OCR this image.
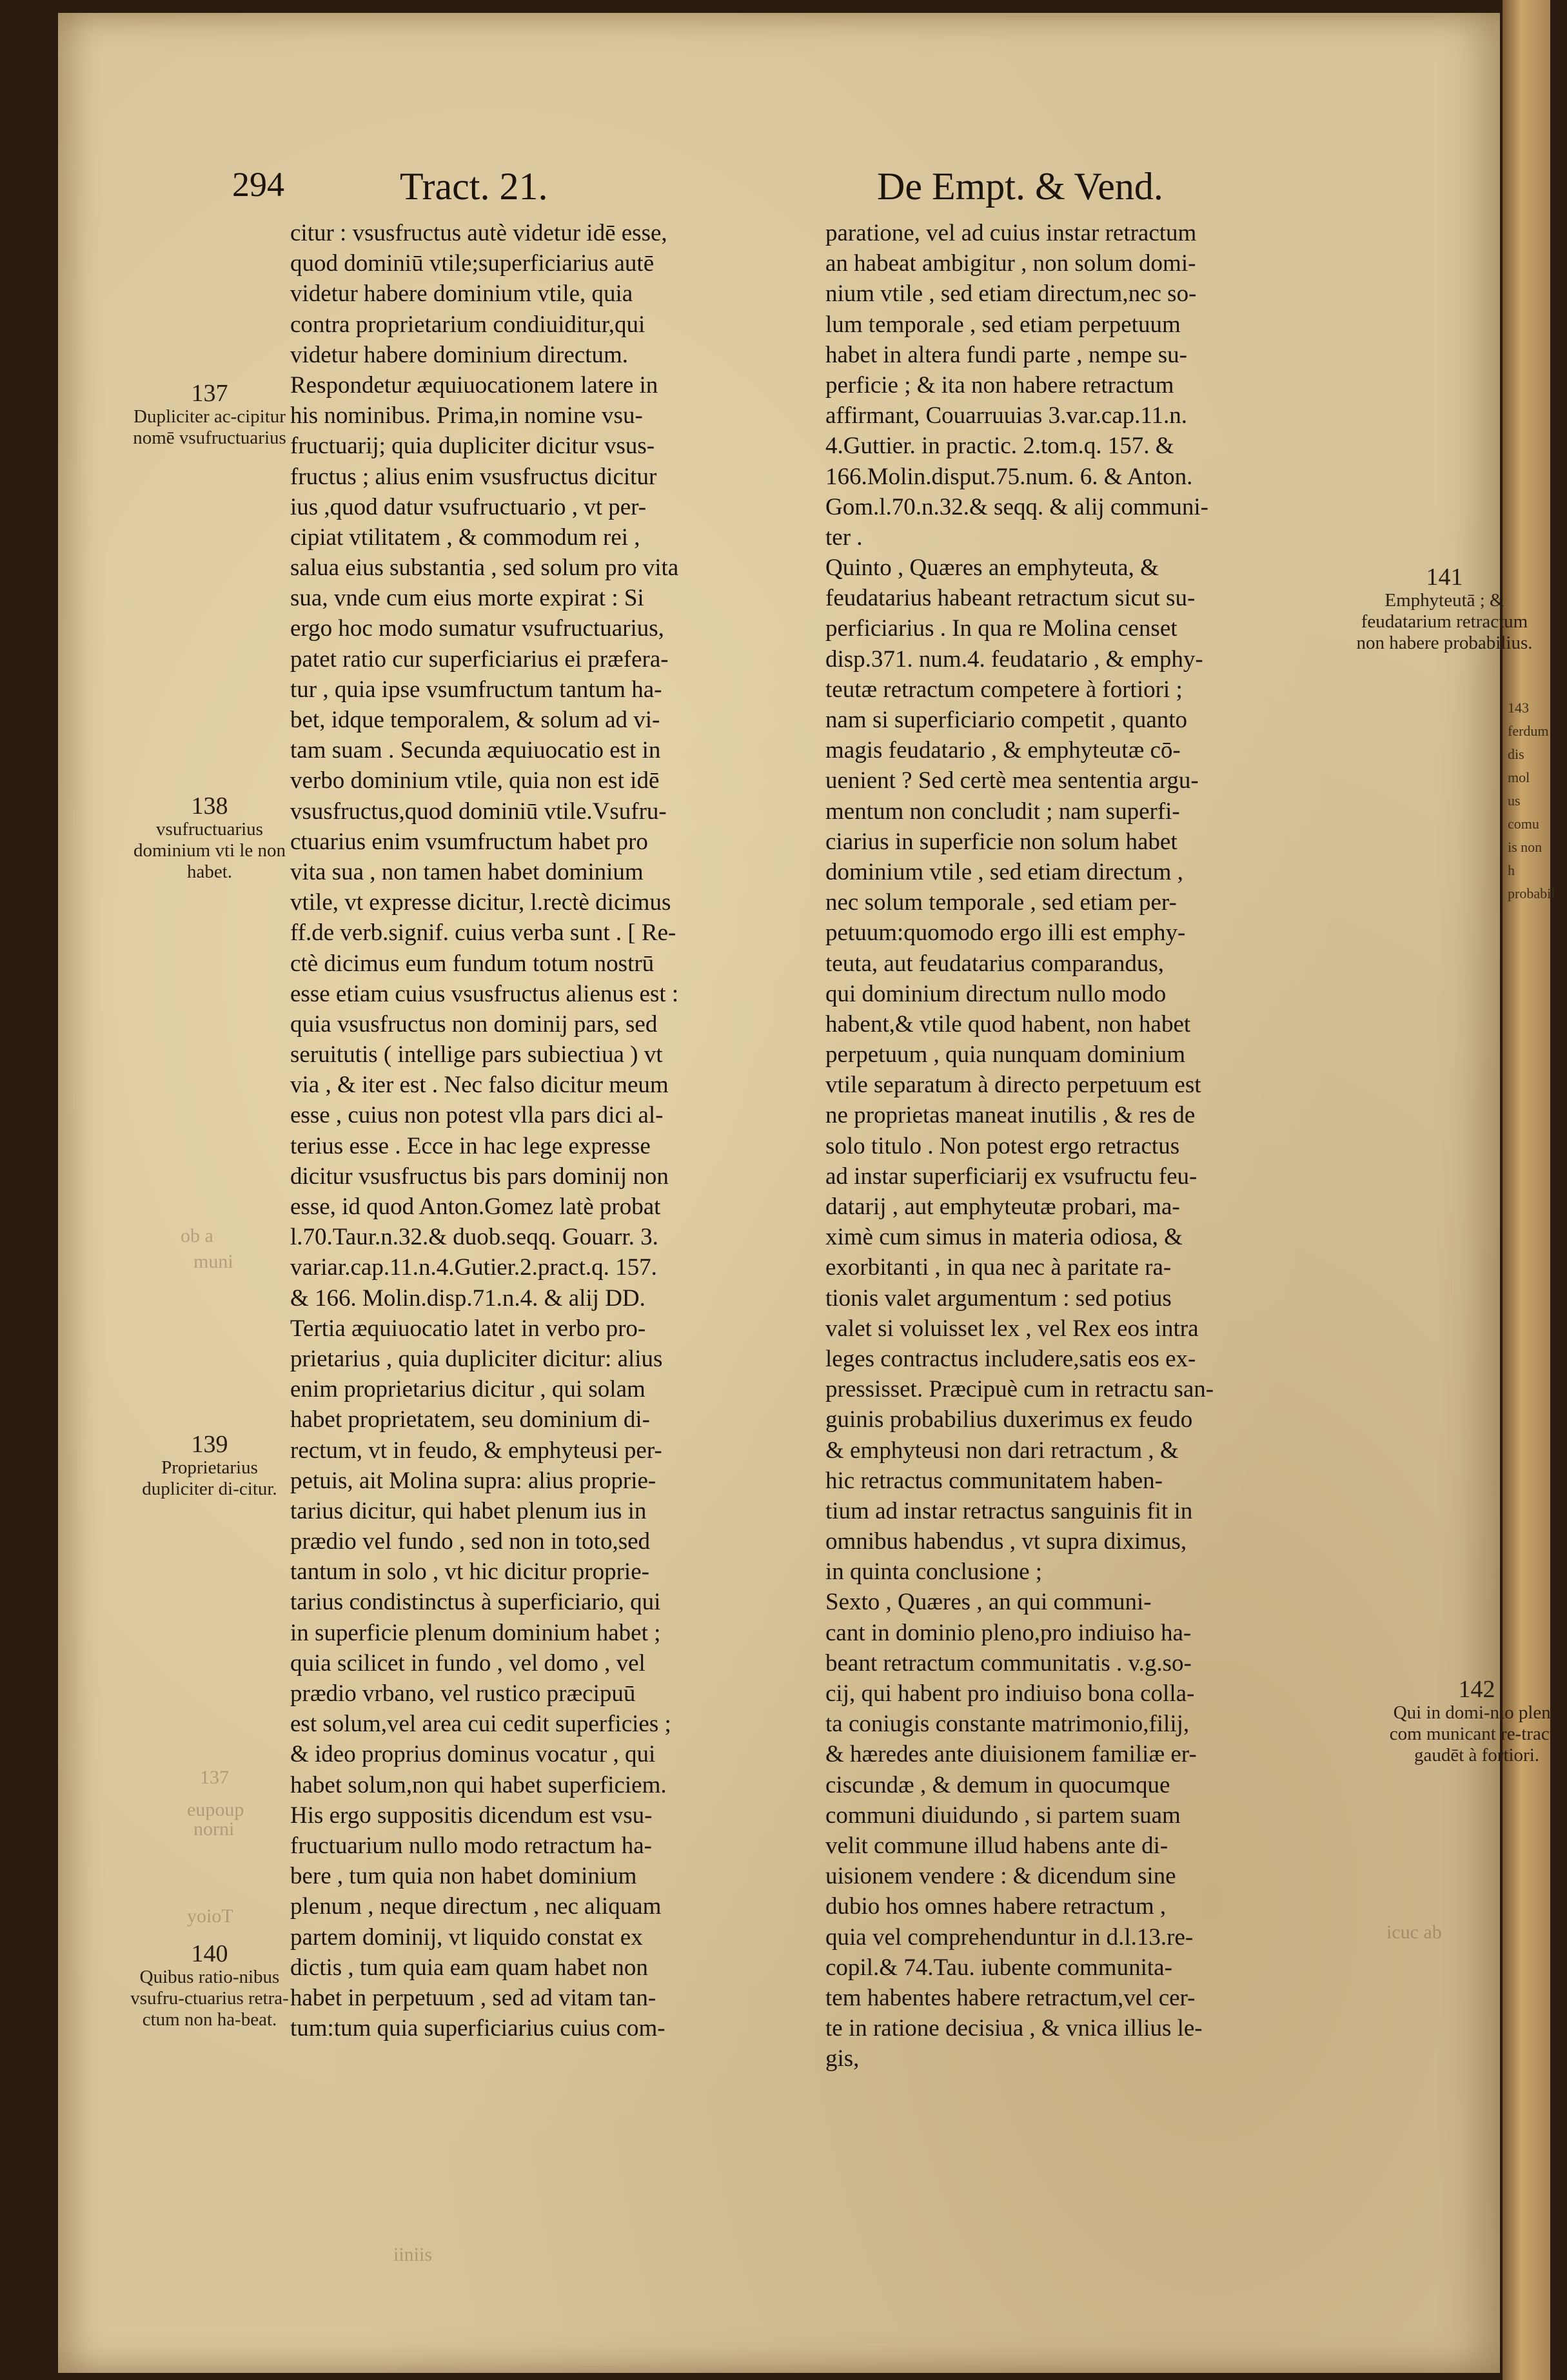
143
ferdum
dis mol
us comu
is non h
probabil
294	Tract. 21.	De Empt. & Vend.
citur : vsusfructus autè videtur idē esse,
quod dominiū vtile;superficiarius autē
videtur habere dominium vtile, quia
contra proprietarium condiuiditur,qui
videtur habere dominium directum.
Respondetur æquiuocationem latere in
his nominibus. Prima,in nomine vsu-
fructuarij; quia dupliciter dicitur vsus-
fructus ; alius enim vsusfructus dicitur
ius ,quod datur vsufructuario , vt per-
cipiat vtilitatem , & commodum rei ,
salua eius substantia , sed solum pro vita
sua, vnde cum eius morte expirat : Si
ergo hoc modo sumatur vsufructuarius,
patet ratio cur superficiarius ei præfera-
tur , quia ipse vsumfructum tantum ha-
bet, idque temporalem, & solum ad vi-
tam suam . Secunda æquiuocatio est in
verbo dominium vtile, quia non est idē
vsusfructus,quod dominiū vtile.Vsufru-
ctuarius enim vsumfructum habet pro
vita sua , non tamen habet dominium
vtile, vt expresse dicitur, l.rectè dicimus
ff.de verb.signif. cuius verba sunt . [ Re-
ctè dicimus eum fundum totum nostrū
esse etiam cuius vsusfructus alienus est :
quia vsusfructus non dominij pars, sed
seruitutis ( intellige pars subiectiua ) vt
via , & iter est . Nec falso dicitur meum
esse , cuius non potest vlla pars dici al-
terius esse . Ecce in hac lege expresse
dicitur vsusfructus bis pars dominij non
esse, id quod Anton.Gomez latè probat
l.70.Taur.n.32.& duob.seqq. Gouarr. 3.
variar.cap.11.n.4.Gutier.2.pract.q. 157.
& 166. Molin.disp.71.n.4. & alij DD.
Tertia æquiuocatio latet in verbo pro-
prietarius , quia dupliciter dicitur: alius
enim proprietarius dicitur , qui solam
habet proprietatem, seu dominium di-
rectum, vt in feudo, & emphyteusi per-
petuis, ait Molina supra: alius proprie-
tarius dicitur, qui habet plenum ius in
prædio vel fundo , sed non in toto,sed
tantum in solo , vt hic dicitur proprie-
tarius condistinctus à superficiario, qui
in superficie plenum dominium habet ;
quia scilicet in fundo , vel domo , vel
prædio vrbano, vel rustico præcipuū
est solum,vel area cui cedit superficies ;
& ideo proprius dominus vocatur , qui
habet solum,non qui habet superficiem.
His ergo suppositis dicendum est vsu-
fructuarium nullo modo retractum ha-
bere , tum quia non habet dominium
plenum , neque directum , nec aliquam
partem dominij, vt liquido constat ex
dictis , tum quia eam quam habet non
habet in perpetuum , sed ad vitam tan-
tum:tum quia superficiarius cuius com-
paratione, vel ad cuius instar retractum
an habeat ambigitur , non solum domi-
nium vtile , sed etiam directum,nec so-
lum temporale , sed etiam perpetuum
habet in altera fundi parte , nempe su-
perficie ; & ita non habere retractum
affirmant, Couarruuias 3.var.cap.11.n.
4.Guttier. in practic. 2.tom.q. 157. &
166.Molin.disput.75.num. 6. & Anton.
Gom.l.70.n.32.& seqq. & alij communi-
ter .
Quinto , Quæres an emphyteuta, &
feudatarius habeant retractum sicut su-
perficiarius . In qua re Molina censet
disp.371. num.4. feudatario , & emphy-
teutæ retractum competere à fortiori ;
nam si superficiario competit , quanto
magis feudatario , & emphyteutæ cō-
uenient ? Sed certè mea sententia argu-
mentum non concludit ; nam superfi-
ciarius in superficie non solum habet
dominium vtile , sed etiam directum ,
nec solum temporale , sed etiam per-
petuum:quomodo ergo illi est emphy-
teuta, aut feudatarius comparandus,
qui dominium directum nullo modo
habent,& vtile quod habent, non habet
perpetuum , quia nunquam dominium
vtile separatum à directo perpetuum est
ne proprietas maneat inutilis , & res de
solo titulo . Non potest ergo retractus
ad instar superficiarij ex vsufructu feu-
datarij , aut emphyteutæ probari, ma-
ximè cum simus in materia odiosa, &
exorbitanti , in qua nec à paritate ra-
tionis valet argumentum : sed potius
valet si voluisset lex , vel Rex eos intra
leges contractus includere,satis eos ex-
pressisset. Præcipuè cum in retractu san-
guinis probabilius duxerimus ex feudo
& emphyteusi non dari retractum , &
hic retractus communitatem haben-
tium ad instar retractus sanguinis fit in
omnibus habendus , vt supra diximus,
in quinta conclusione ;
Sexto , Quæres , an qui communi-
cant in dominio pleno,pro indiuiso ha-
beant retractum communitatis . v.g.so-
cij, qui habent pro indiuiso bona colla-
ta coniugis constante matrimonio,filij,
& hæredes ante diuisionem familiæ er-
ciscundæ , & demum in quocumque
communi diuidundo , si partem suam
velit commune illud habens ante di-
uisionem vendere : & dicendum sine
dubio hos omnes habere retractum ,
quia vel comprehenduntur in d.l.13.re-
copil.& 74.Tau. iubente communita-
tem habentes habere retractum,vel cer-
te in ratione decisiua , & vnica illius le-
gis,
137
Dupliciter ac-cipitur nomē vsufructuarius
138
vsufructuarius dominium vti le non habet.
139
Proprietarius dupliciter di-citur.
140
Quibus ratio-nibus vsufru-ctuarius retra-ctum non ha-beat.
141
Emphyteutā ; & feudatarium retractum non habere probabilius.
142
Qui in domi-nio pleno com municant re-tractu gaudēt à fortiori.
ob a
muni
137
eupoup
norni
yoioT
icuc ab
iiniis
